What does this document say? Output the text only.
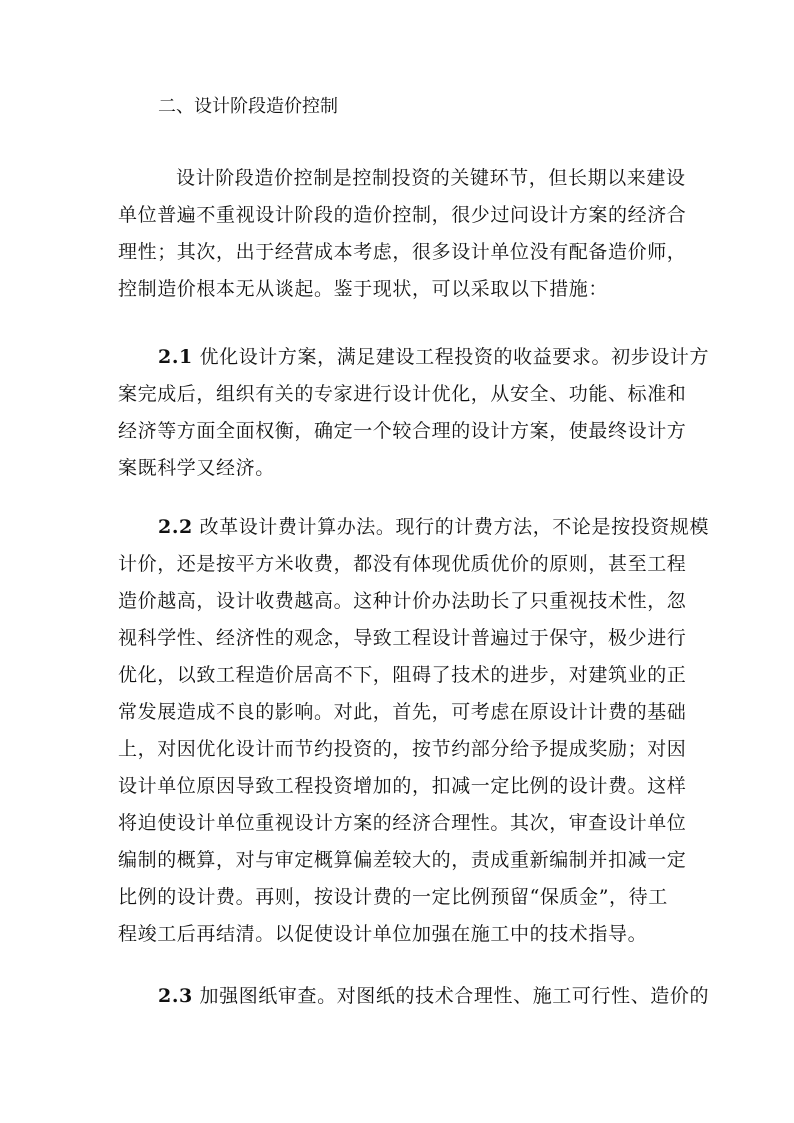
二、设计阶段造价控制
设计阶段造价控制是控制投资的关键环节，但长期以来建设
单位普遍不重视设计阶段的造价控制，很少过问设计方案的经济合
理性；其次，出于经营成本考虑，很多设计单位没有配备造价师，
控制造价根本无从谈起。鉴于现状，可以采取以下措施：
2.1 优化设计方案，满足建设工程投资的收益要求。初步设计方
案完成后，组织有关的专家进行设计优化，从安全、功能、标准和
经济等方面全面权衡，确定一个较合理的设计方案，使最终设计方
案既科学又经济。
2.2 改革设计费计算办法。现行的计费方法，不论是按投资规模
计价，还是按平方米收费，都没有体现优质优价的原则，甚至工程
造价越高，设计收费越高。这种计价办法助长了只重视技术性，忽
视科学性、经济性的观念，导致工程设计普遍过于保守，极少进行
优化，以致工程造价居高不下，阻碍了技术的进步，对建筑业的正
常发展造成不良的影响。对此，首先，可考虑在原设计计费的基础
上，对因优化设计而节约投资的，按节约部分给予提成奖励；对因
设计单位原因导致工程投资增加的，扣减一定比例的设计费。这样
将迫使设计单位重视设计方案的经济合理性。其次，审查设计单位
编制的概算，对与审定概算偏差较大的，责成重新编制并扣减一定
比例的设计费。再则，按设计费的一定比例预留“保质金”，待工
程竣工后再结清。以促使设计单位加强在施工中的技术指导。
2.3 加强图纸审查。对图纸的技术合理性、施工可行性、造价的
